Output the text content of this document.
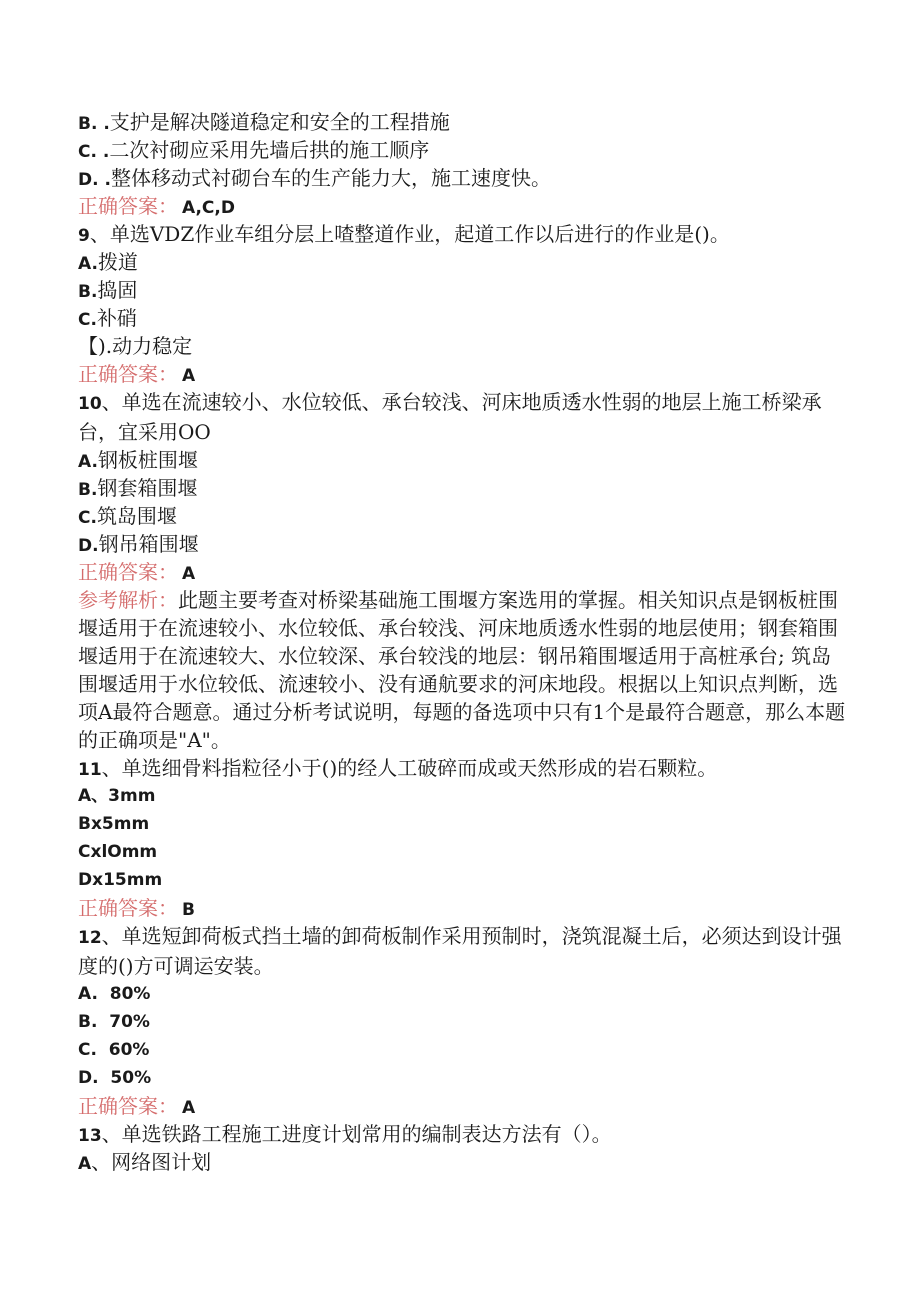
B. .支护是解决隧道稳定和安全的工程措施
C. .二次衬砌应采用先墙后拱的施工顺序
D. .整体移动式衬砌台车的生产能力大，施工速度快。
正确答案： A,C,D
9、单选VDZ作业车组分层上喳整道作业，起道工作以后进行的作业是()。
A.拨道
B.捣固
C.补硝
【).动力稳定
正确答案： A
10、单选在流速较小、水位较低、承台较浅、河床地质透水性弱的地层上施工桥梁承台，宜采用OO
A.钢板桩围堰
B.钢套箱围堰
C.筑岛围堰
D.钢吊箱围堰
正确答案： A
参考解析：此题主要考查对桥梁基础施工围堰方案选用的掌握。相关知识点是钢板桩围堰适用于在流速较小、水位较低、承台较浅、河床地质透水性弱的地层使用；钢套箱围堰适用于在流速较大、水位较深、承台较浅的地层：钢吊箱围堰适用于高桩承台; 筑岛围堰适用于水位较低、流速较小、没有通航要求的河床地段。根据以上知识点判断，选项A最符合题意。通过分析考试说明，每题的备选项中只有1个是最符合题意，那么本题的正确项是"A"。
11、单选细骨料指粒径小于()的经人工破碎而成或天然形成的岩石颗粒。
A、3mm
Bx5mm
CxlOmm
Dx15mm
正确答案： B
12、单选短卸荷板式挡土墙的卸荷板制作采用预制时，浇筑混凝土后，必须达到设计强度的()方可调运安装。
A.  80%
B.  70%
C.  60%
D.  50%
正确答案： A
13、单选铁路工程施工进度计划常用的编制表达方法有（）。
A、网络图计划
